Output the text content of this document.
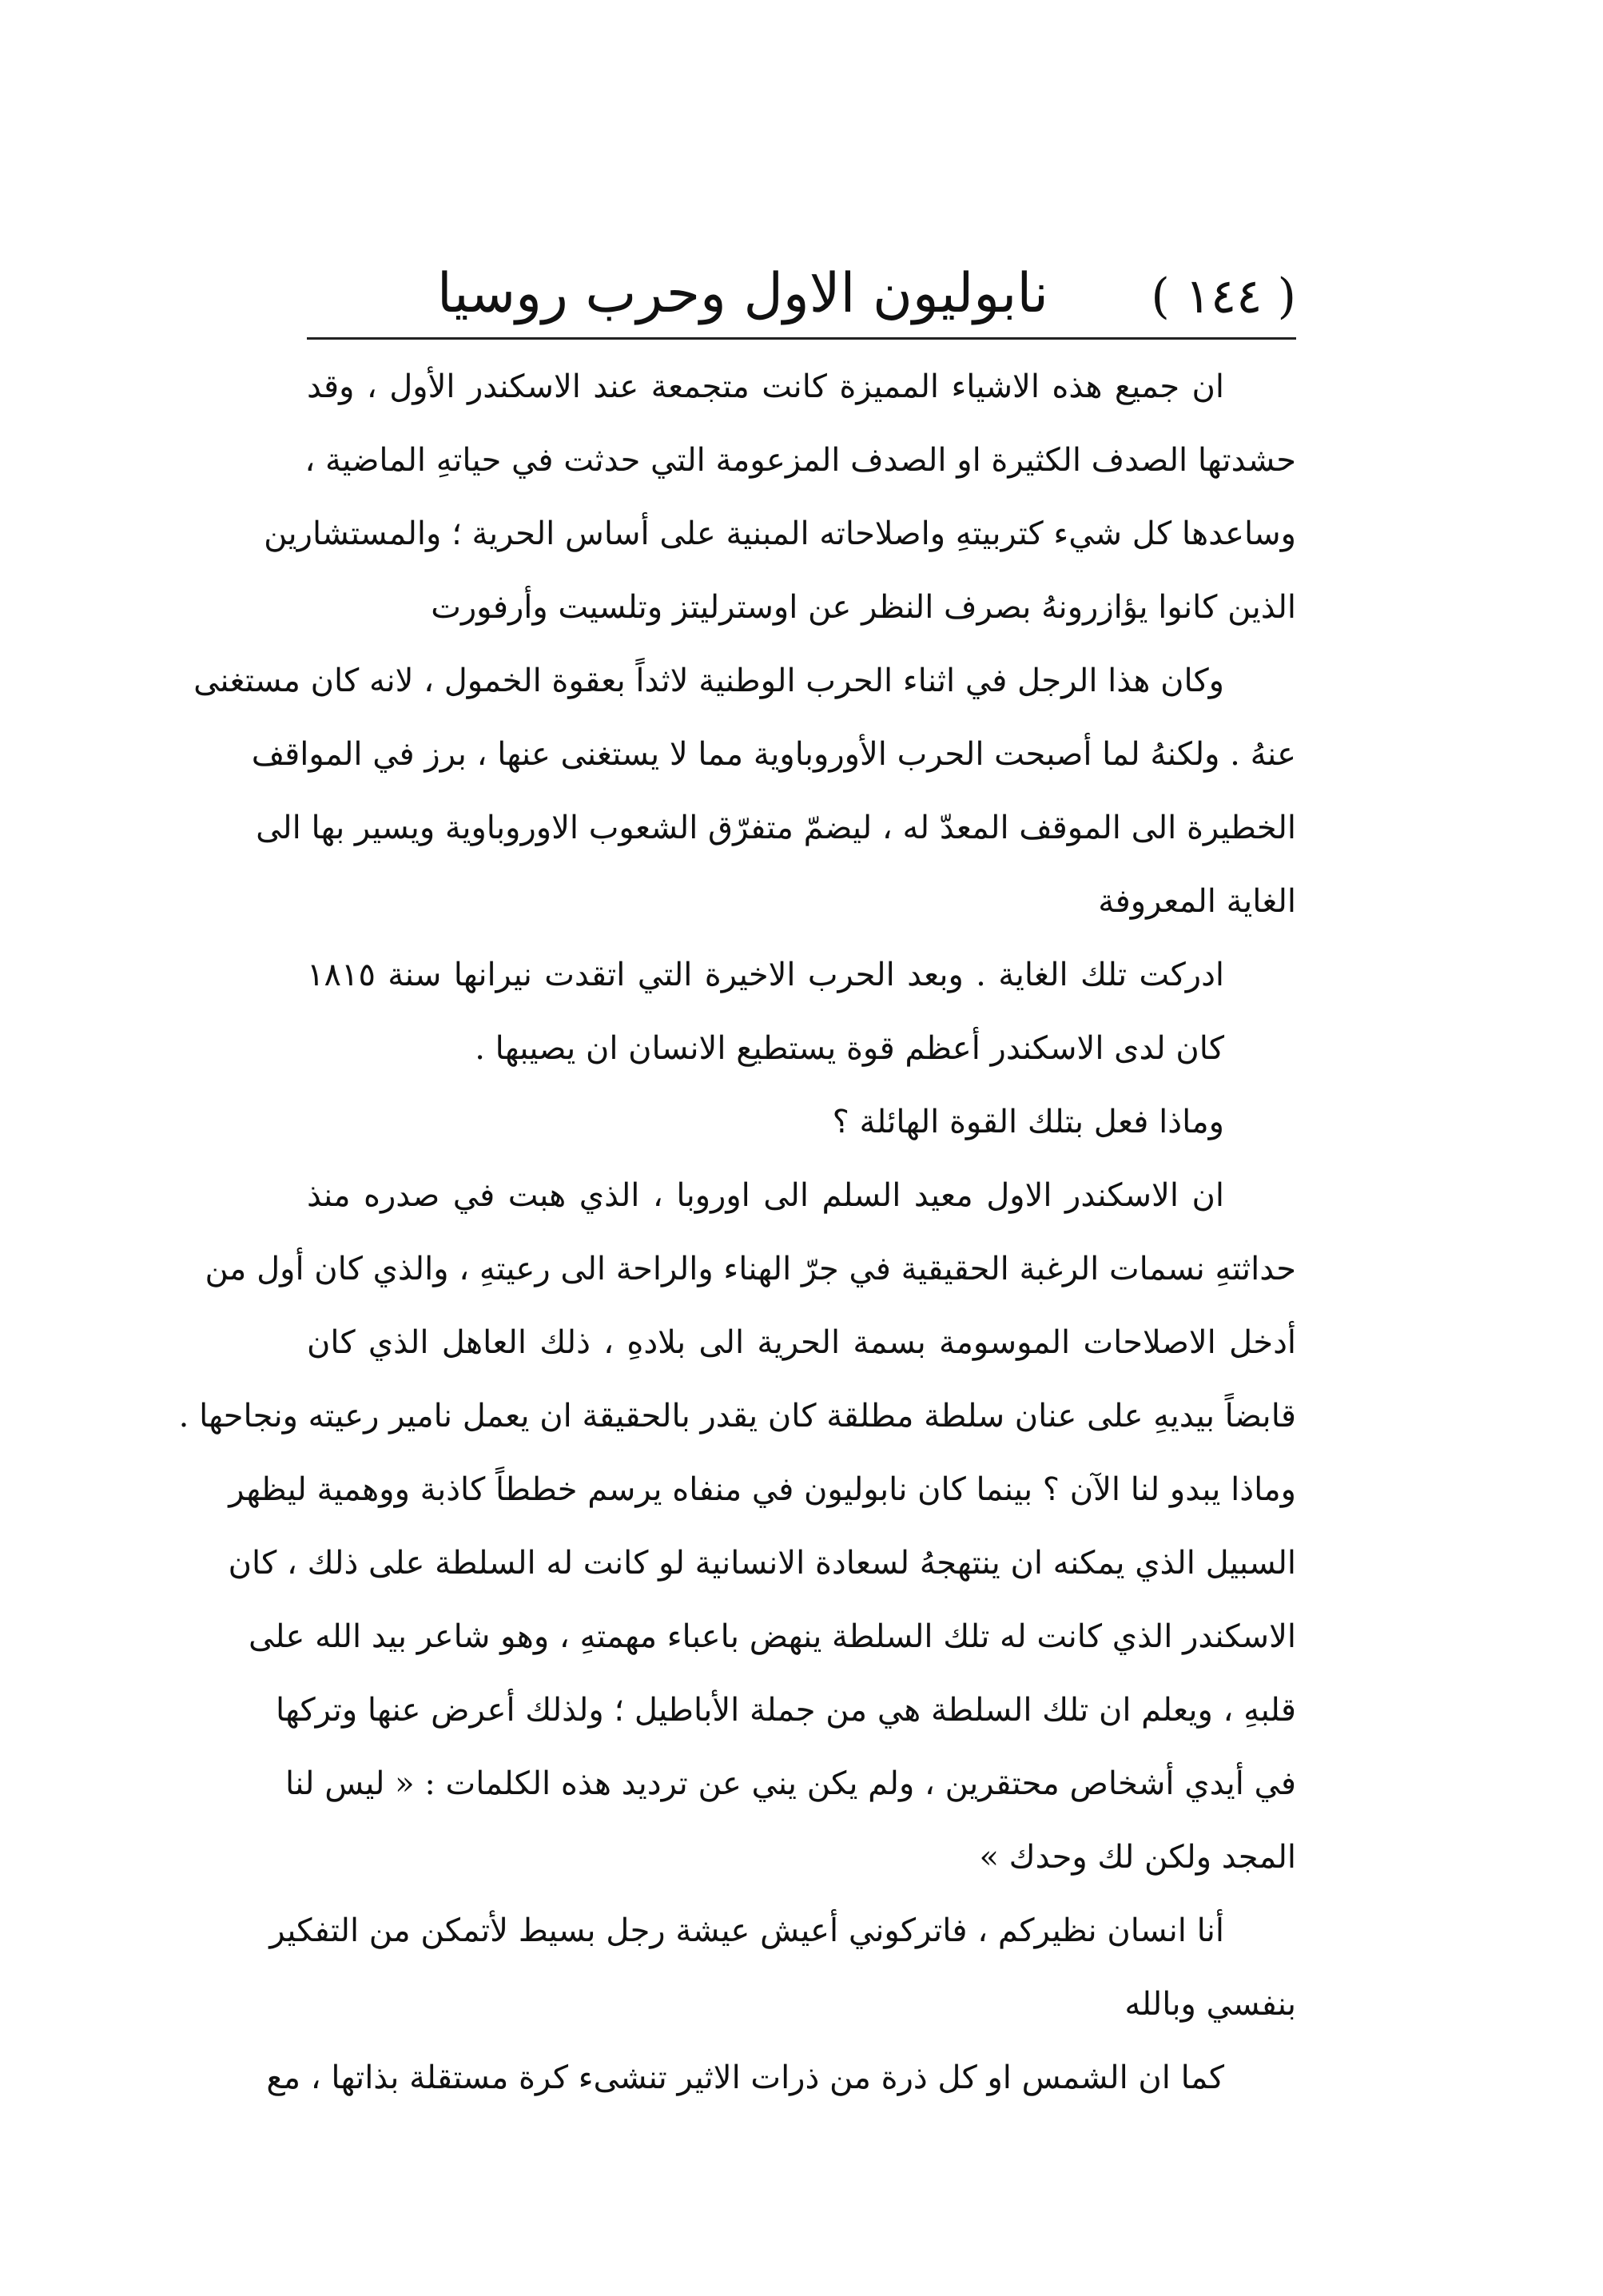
( ١٤٤ )
نابوليون الاول وحرب روسيا
ان جميع هذه الاشياء المميزة كانت متجمعة عند الاسكندر الأول ، وقد
حشدتها الصدف الكثيرة او الصدف المزعومة التي حدثت في حياتهِ الماضية ،
وساعدها كل شيء كتربيتهِ واصلاحاته المبنية على أساس الحرية ؛ والمستشارين
الذين كانوا يؤازرونهُ بصرف النظر عن اوسترليتز وتلسيت وأرفورت
وكان هذا الرجل في اثناء الحرب الوطنية لاثداً بعقوة الخمول ، لانه كان مستغنى
عنهُ . ولكنهُ لما أصبحت الحرب الأوروباوية مما لا يستغنى عنها ، برز في المواقف
الخطيرة الى الموقف المعدّ له ، ليضمّ متفرّق الشعوب الاوروباوية ويسير بها الى
الغاية المعروفة
ادركت تلك الغاية . وبعد الحرب الاخيرة التي اتقدت نيرانها سنة ١٨١٥
كان لدى الاسكندر أعظم قوة يستطيع الانسان ان يصيبها .
وماذا فعل بتلك القوة الهائلة ؟
ان الاسكندر الاول معيد السلم الى اوروبا ، الذي هبت في صدره منذ
حداثتهِ نسمات الرغبة الحقيقية في جرّ الهناء والراحة الى رعيتهِ ، والذي كان أول من
أدخل الاصلاحات الموسومة بسمة الحرية الى بلادهِ ، ذلك العاهل الذي كان
قابضاً بيديهِ على عنان سلطة مطلقة كان يقدر بالحقيقة ان يعمل نامير رعيته ونجاحها .
وماذا يبدو لنا الآن ؟ بينما كان نابوليون في منفاه يرسم خططاً كاذبة ووهمية ليظهر
السبيل الذي يمكنه ان ينتهجهُ لسعادة الانسانية لو كانت له السلطة على ذلك ، كان
الاسكندر الذي كانت له تلك السلطة ينهض باعباء مهمتهِ ، وهو شاعر بيد الله على
قلبهِ ، ويعلم ان تلك السلطة هي من جملة الأباطيل ؛ ولذلك أعرض عنها وتركها
في أيدي أشخاص محتقرين ، ولم يكن يني عن ترديد هذه الكلمات : « ليس لنا
المجد ولكن لك وحدك »
أنا انسان نظيركم ، فاتركوني أعيش عيشة رجل بسيط لأتمكن من التفكير
بنفسي وبالله
كما ان الشمس او كل ذرة من ذرات الاثير تنشىء كرة مستقلة بذاتها ، مع
